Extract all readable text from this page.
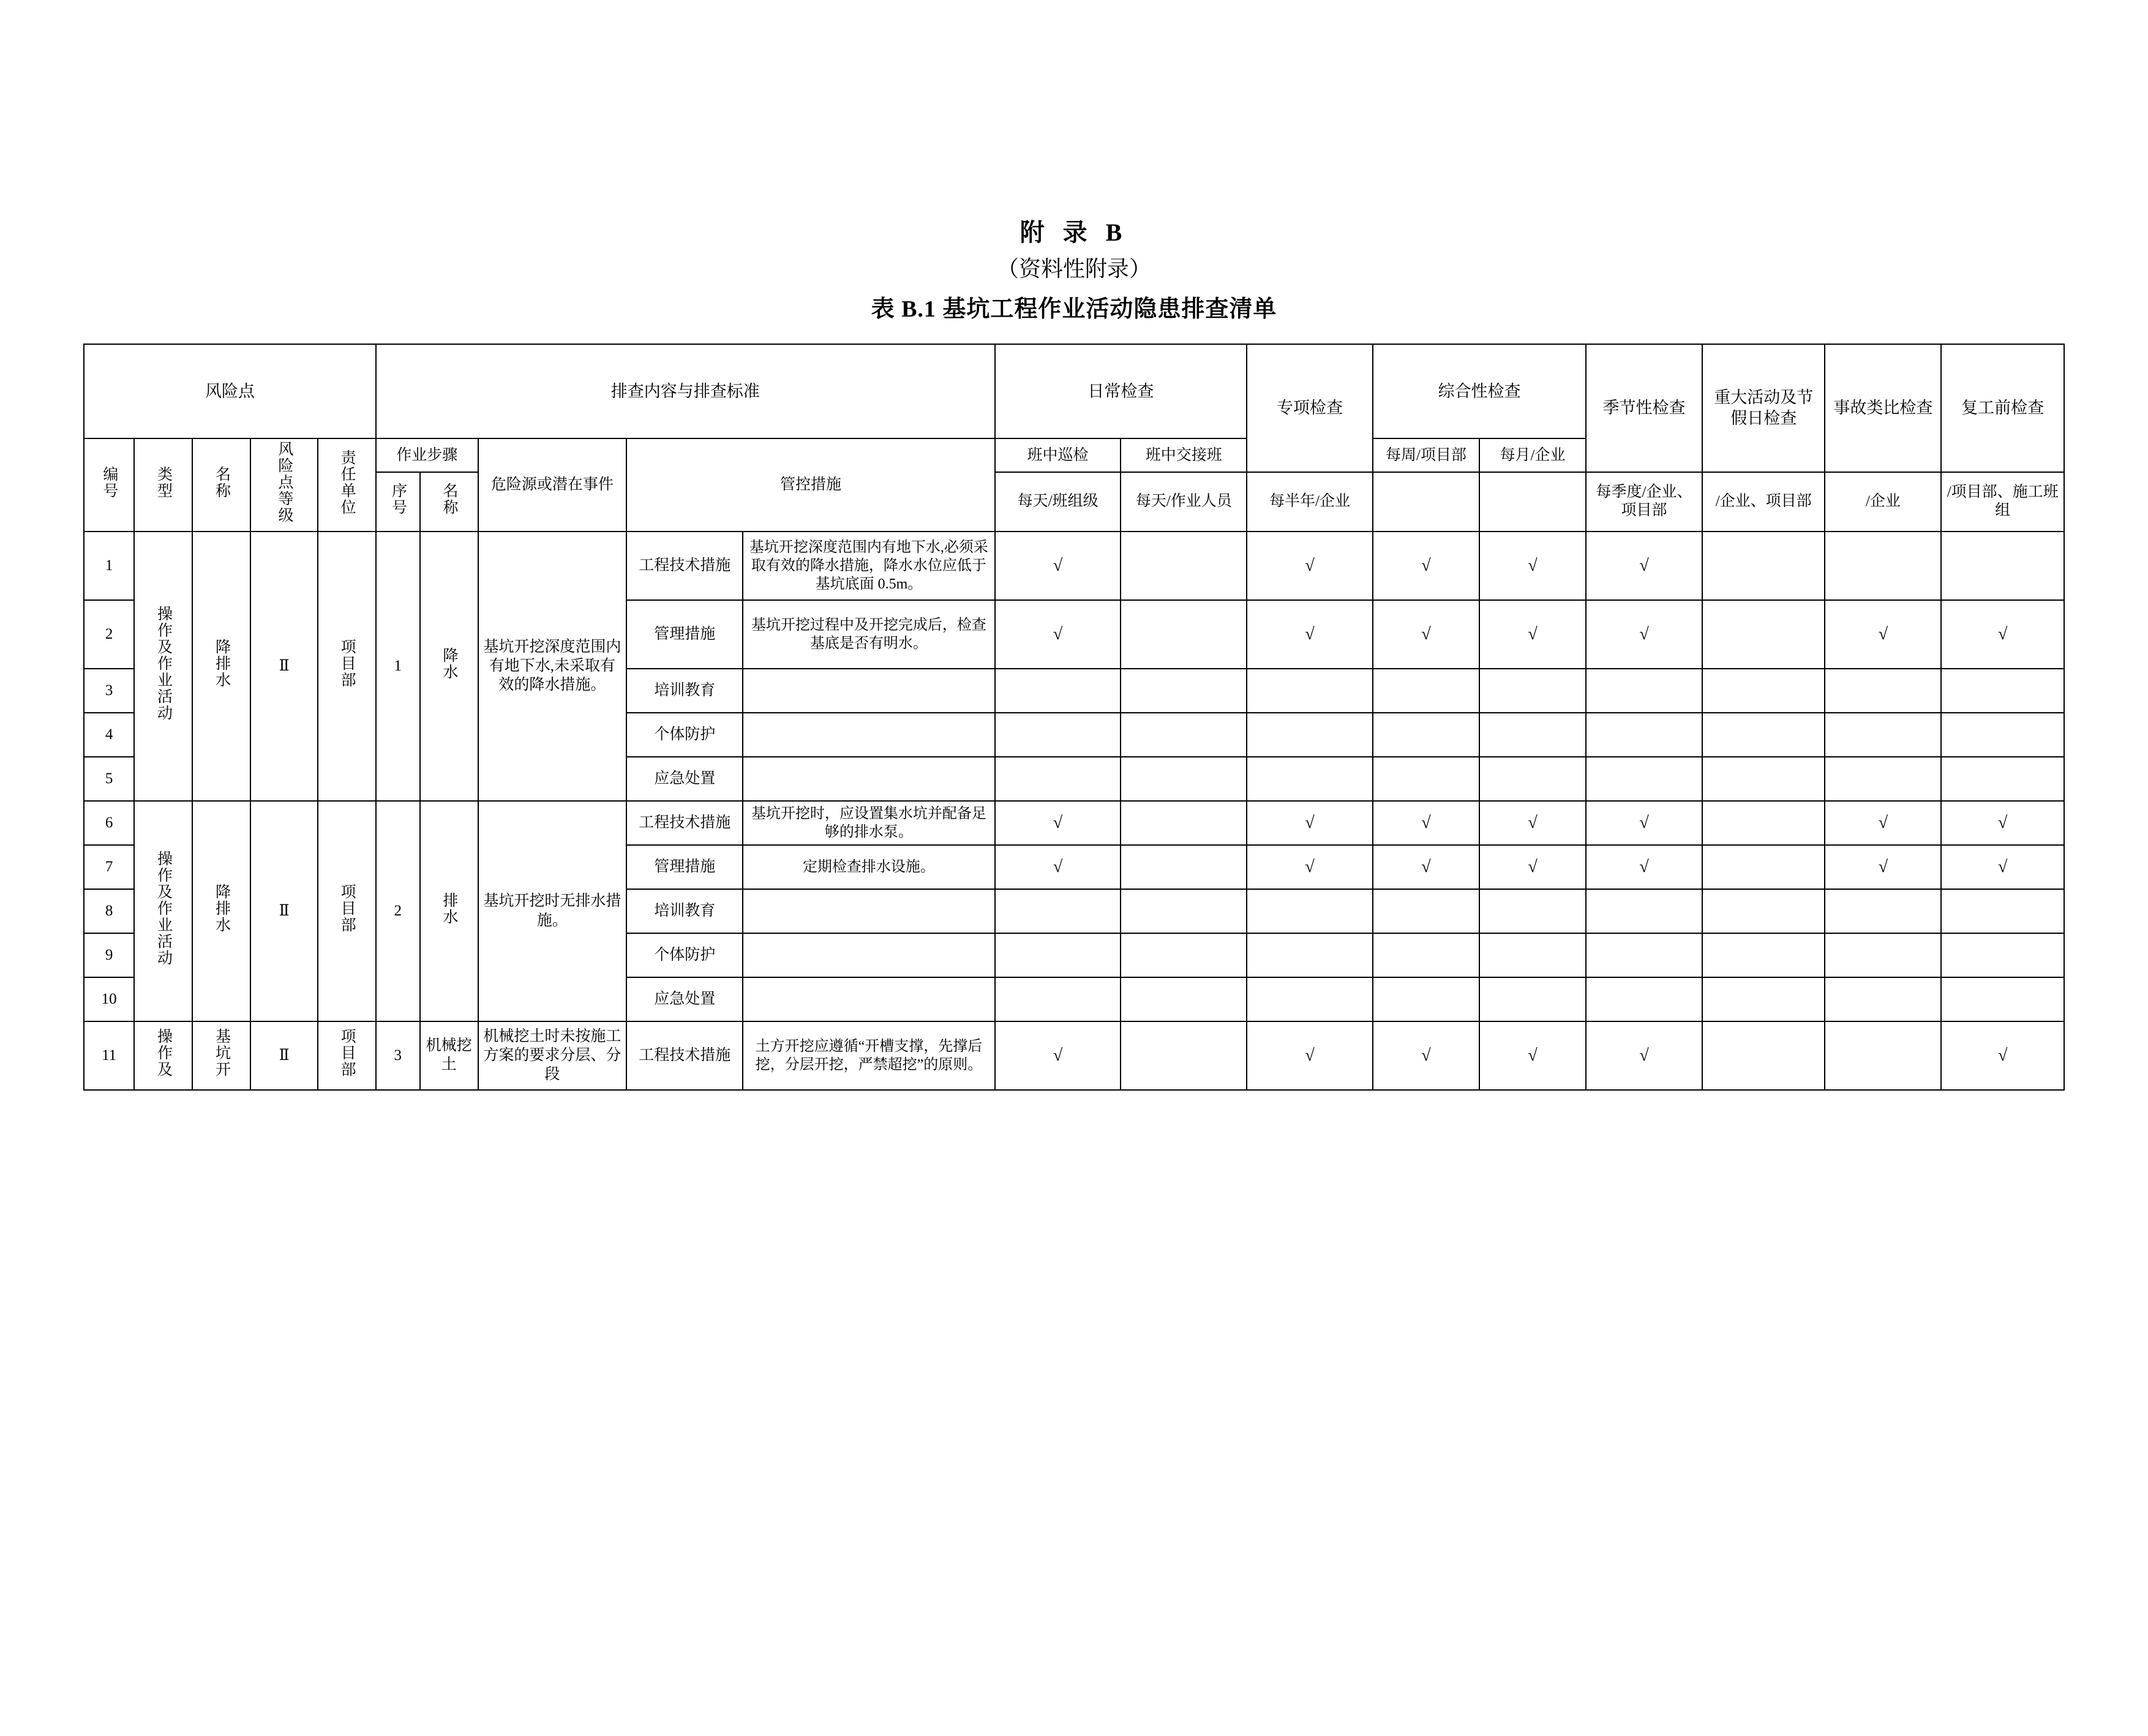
附 录 B
（资料性附录）
表 B.1 基坑工程作业活动隐患排查清单
风险点					排查内容与排查标准					日常检查		专项检查	综合性检查		季节性检查	重大活动及节假日检查	事故类比检查	复工前检查
编号	类型	名称	风险点等级	责任单位	作业步骤		危险源或潜在事件	管控措施		班中巡检	班中交接班		每周/项目部	每月/企业				
					序号	名称				每天/班组级	每天/作业人员	每半年/企业			每季度/企业、项目部	/企业、项目部	/企业	/项目部、施工班组
1	操作及作业活动	降排水	Ⅱ	项目部	1	降水	基坑开挖深度范围内有地下水,未采取有效的降水措施。	工程技术措施	基坑开挖深度范围内有地下水,必须采取有效的降水措施，降水水位应低于基坑底面 0.5m。	√		√	√	√	√			
2								管理措施	基坑开挖过程中及开挖完成后，检查基底是否有明水。	√		√	√	√	√		√	√
3								培训教育										
4								个体防护										
5								应急处置										
6	操作及作业活动	降排水	Ⅱ	项目部	2	排水	基坑开挖时无排水措施。	工程技术措施	基坑开挖时，应设置集水坑并配备足够的排水泵。	√		√	√	√	√		√	√
7								管理措施	定期检查排水设施。	√		√	√	√	√		√	√
8								培训教育										
9								个体防护										
10								应急处置										
11	操作及	基坑开	Ⅱ	项目部	3	机械挖土	机械挖土时未按施工方案的要求分层、分段	工程技术措施	土方开挖应遵循“开槽支撑，先撑后挖，分层开挖，严禁超挖”的原则。	√		√	√	√	√			√
